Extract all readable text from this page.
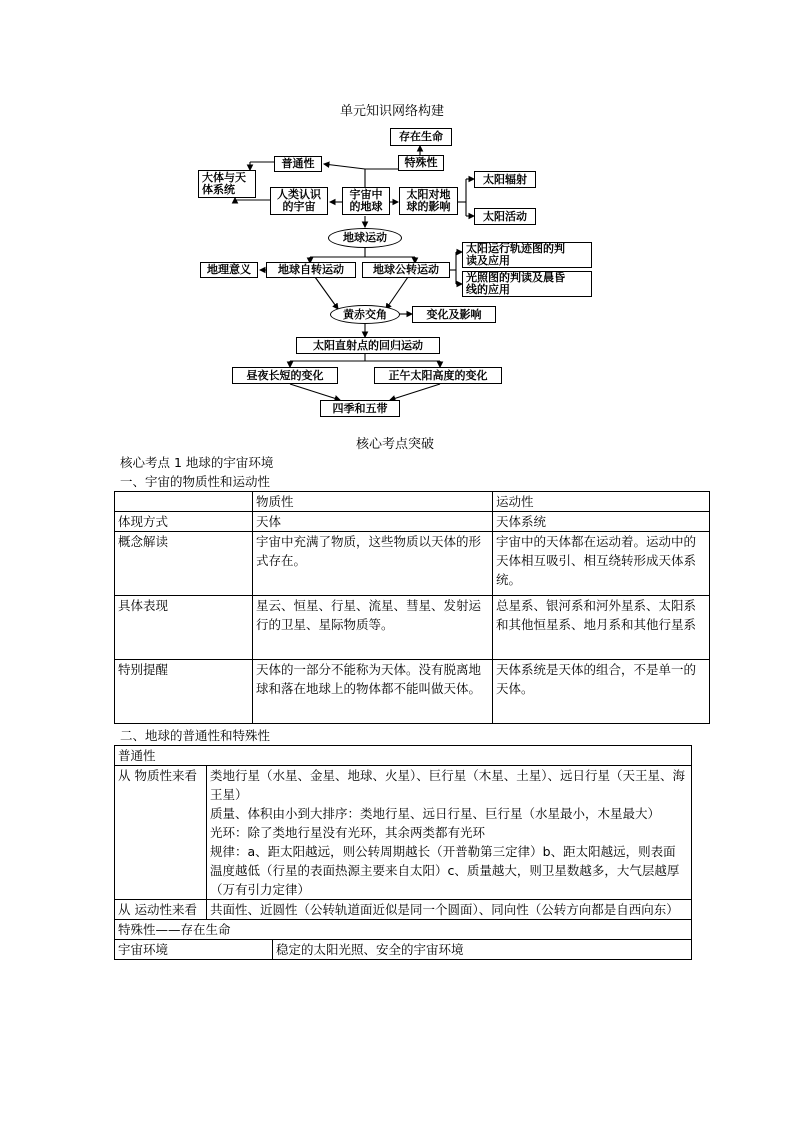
单元知识网络构建
存在生命
特殊性
普通性
大体与天
体系统	人类认识
的宇宙
宇宙中
的地球
太阳对地
球的影响
太阳辐射
太阳活动
地球运动
地球自转运动	地球公转运动
地理意义
太阳运行轨迹图的判
读及应用
光照图的判读及晨昏
线的应用
黄赤交角	变化及影响
太阳直射点的回归运动
昼夜长短的变化	正午太阳高度的变化
四季和五带
核心考点突破
核心考点 1 地球的宇宙环境
一、宇宙的物质性和运动性
	物质性	运动性
体现方式	天体	天体系统
概念解读	宇宙中充满了物质，这些物质以天体的形式存在。	宇宙中的天体都在运动着。运动中的天体相互吸引、相互绕转形成天体系统。
具体表现	星云、恒星、行星、流星、彗星、发射运行的卫星、星际物质等。	总星系、银河系和河外星系、太阳系和其他恒星系、地月系和其他行星系
特别提醒	天体的一部分不能称为天体。没有脱离地球和落在地球上的物体都不能叫做天体。	天体系统是天体的组合，不是单一的天体。
二、地球的普通性和特殊性
普通性		
从 物质性来看	类地行星（水星、金星、地球、火星）、巨行星（木星、土星）、远日行星（天王星、海王星）
质量、体积由小到大排序：类地行星、远日行星、巨行星（水星最小，木星最大）
光环：除了类地行星没有光环，其余两类都有光环
规律：a、距太阳越远，则公转周期越长（开普勒第三定律）b、距太阳越远，则表面温度越低（行星的表面热源主要来自太阳）c、质量越大，则卫星数越多，大气层越厚（万有引力定律）	

从 运动性来看	共面性、近圆性（公转轨道面近似是同一个圆面）、同向性（公转方向都是自西向东）	
特殊性——存在生命		
宇宙环境		稳定的太阳光照、安全的宇宙环境
